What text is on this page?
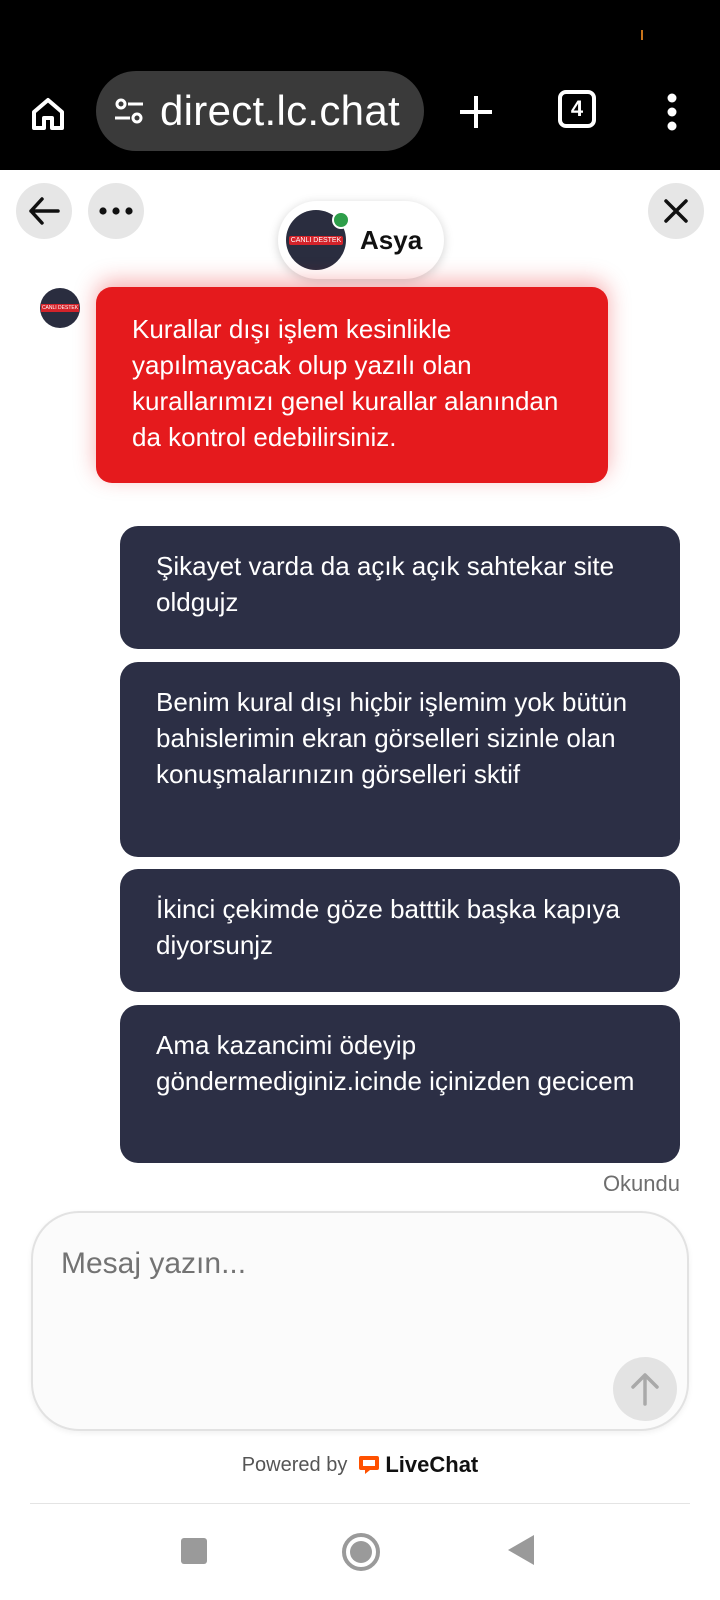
direct.lc.chat	4
CANLI DESTEK Asya
CANLI DESTEK
Kurallar dışı işlem kesinlikle yapılmayacak olup yazılı olan kurallarımızı genel kurallar alanından da kontrol edebilirsiniz.
Şikayet varda da açık açık sahtekar site oldgujz
Benim kural dışı hiçbir işlemim yok bütün bahislerimin ekran görselleri sizinle olan konuşmalarınızın görselleri sktif
İkinci çekimde göze batttik başka kapıya diyorsunjz
Ama kazancimi ödeyip göndermediginiz.icinde içinizden gecicem
Okundu
Mesaj yazın...
Powered by LiveChat
